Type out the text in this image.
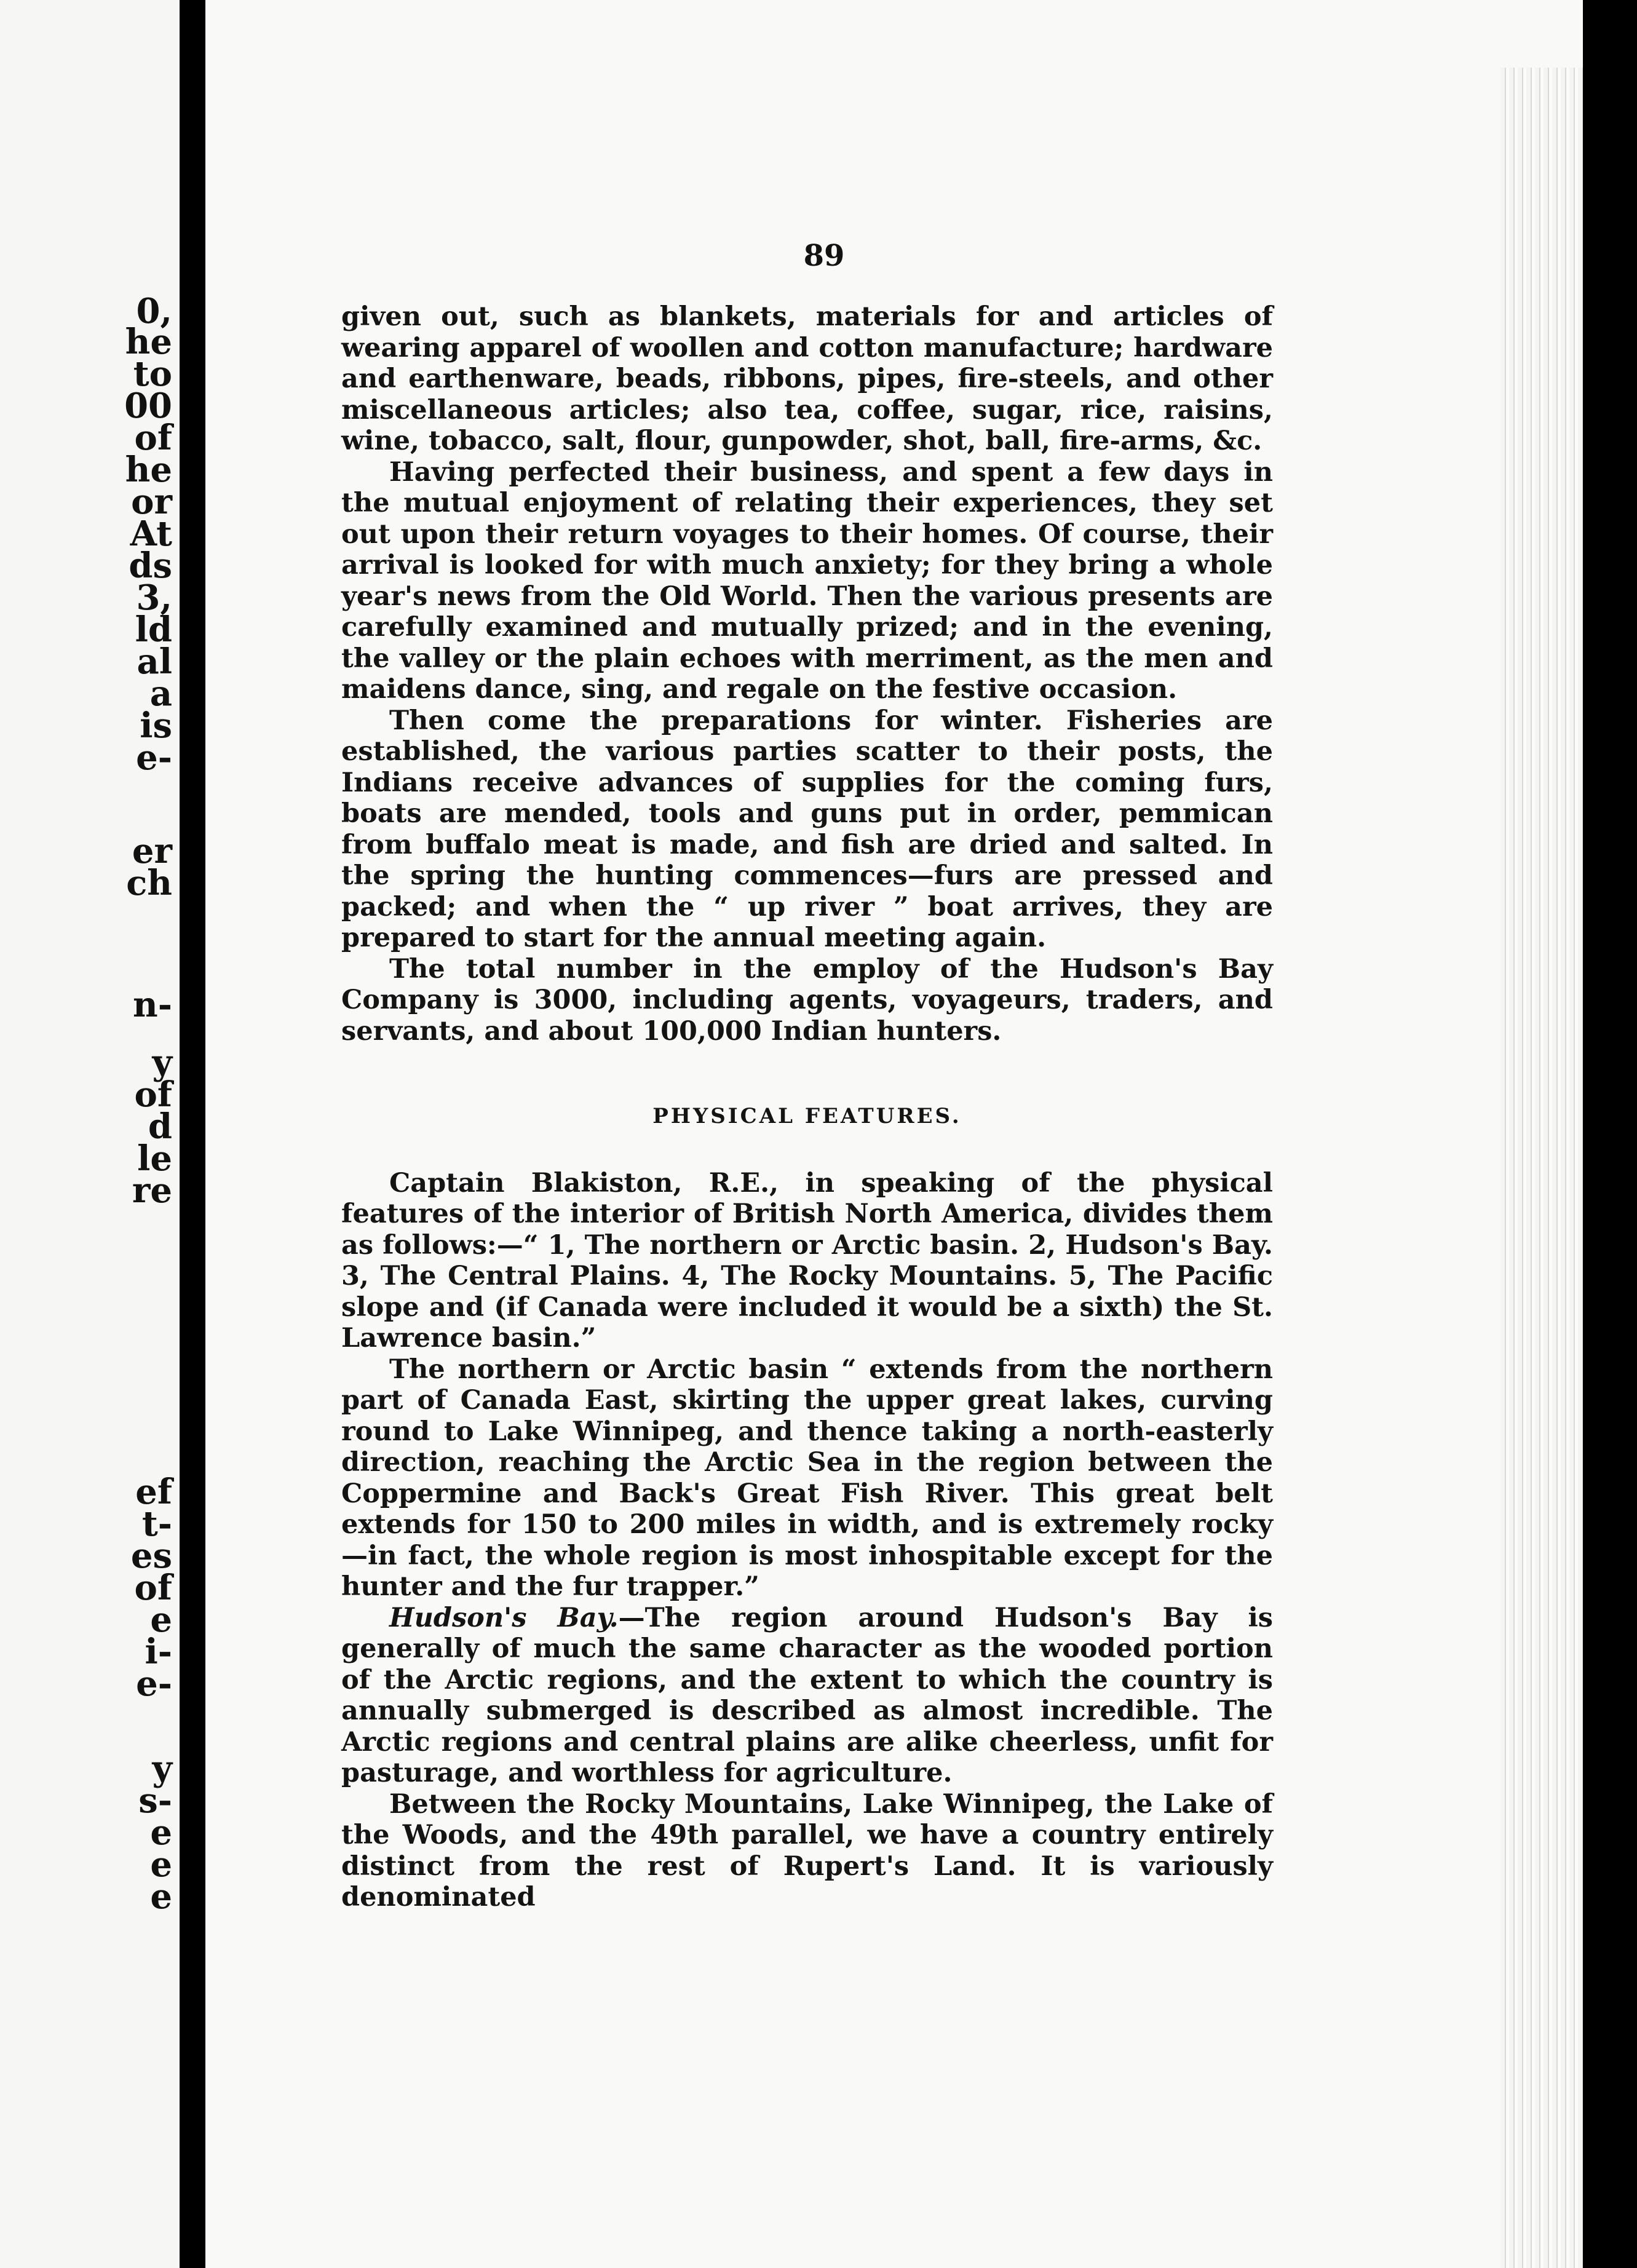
0,
he
to
00
of
he
or
At
ds
3,
ld
al
a
is
e-
er
ch
n-
y
of
d
le
re
ef
t-
es
of
e
i-
e-
y
s-
e
e
e
89

given out, such as blankets, materials for and articles of wearing apparel of woollen and cotton manufacture; hardware and earthenware, beads, ribbons, pipes, fire-steels, and other miscellaneous articles; also tea, coffee, sugar, rice, raisins, wine, tobacco, salt, flour, gunpowder, shot, ball, fire-arms, &c.

Having perfected their business, and spent a few days in the mutual enjoyment of relating their experiences, they set out upon their return voyages to their homes. Of course, their arrival is looked for with much anxiety; for they bring a whole year's news from the Old World. Then the various presents are carefully examined and mutually prized; and in the evening, the valley or the plain echoes with merriment, as the men and maidens dance, sing, and regale on the festive occasion.

Then come the preparations for winter. Fisheries are established, the various parties scatter to their posts, the Indians receive advances of supplies for the coming furs, boats are mended, tools and guns put in order, pemmican from buffalo meat is made, and fish are dried and salted. In the spring the hunting commences—furs are pressed and packed; and when the “ up river ” boat arrives, they are prepared to start for the annual meeting again.

The total number in the employ of the Hudson's Bay Company is 3000, including agents, voyageurs, traders, and servants, and about 100,000 Indian hunters.

PHYSICAL FEATURES.

Captain Blakiston, R.E., in speaking of the physical features of the interior of British North America, divides them as follows:—“ 1, The northern or Arctic basin. 2, Hudson's Bay. 3, The Central Plains. 4, The Rocky Mountains. 5, The Pacific slope and (if Canada were included it would be a sixth) the St. Lawrence basin.”

The northern or Arctic basin “ extends from the northern part of Canada East, skirting the upper great lakes, curving round to Lake Winnipeg, and thence taking a north-easterly direction, reaching the Arctic Sea in the region between the Coppermine and Back's Great Fish River. This great belt extends for 150 to 200 miles in width, and is extremely rocky—in fact, the whole region is most inhospitable except for the hunter and the fur trapper.”

Hudson's Bay.—The region around Hudson's Bay is generally of much the same character as the wooded portion of the Arctic regions, and the extent to which the country is annually submerged is described as almost incredible. The Arctic regions and central plains are alike cheerless, unfit for pasturage, and worthless for agriculture.

Between the Rocky Mountains, Lake Winnipeg, the Lake of the Woods, and the 49th parallel, we have a country entirely distinct from the rest of Rupert's Land. It is variously denominated
